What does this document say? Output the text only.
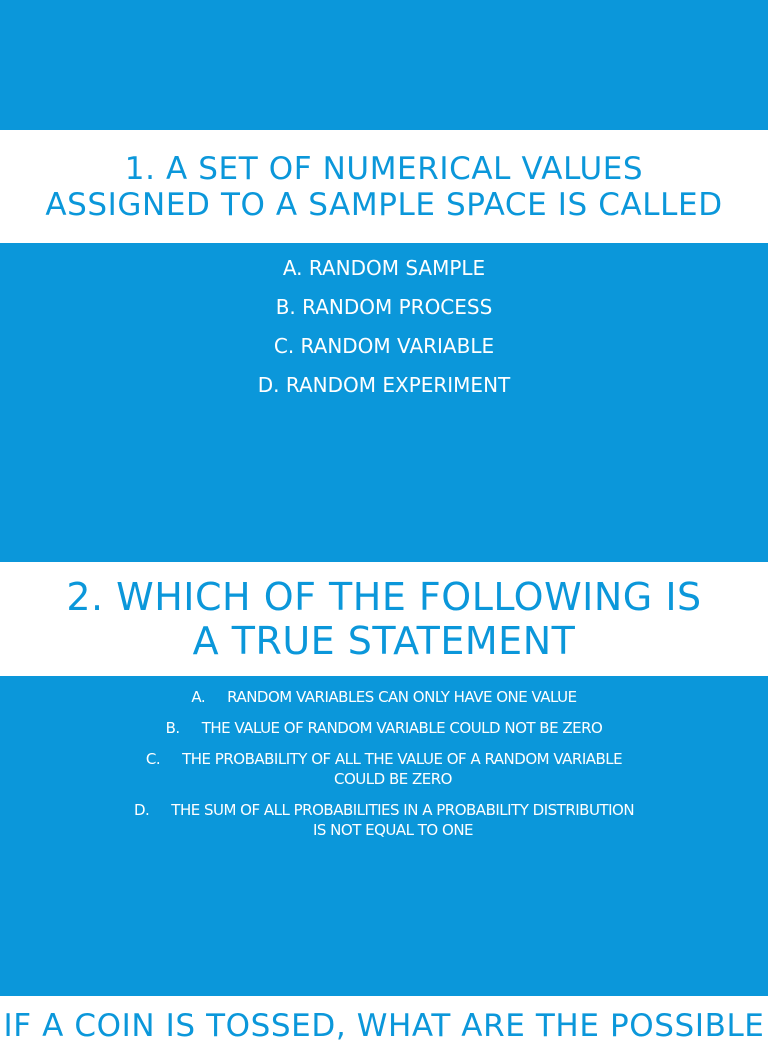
1. A SET OF NUMERICAL VALUES
ASSIGNED TO A SAMPLE SPACE IS CALLED
A. RANDOM SAMPLE
B. RANDOM PROCESS
C. RANDOM VARIABLE
D. RANDOM EXPERIMENT
2. WHICH OF THE FOLLOWING IS
A TRUE STATEMENT
A. RANDOM VARIABLES CAN ONLY HAVE ONE VALUE
B. THE VALUE OF RANDOM VARIABLE COULD NOT BE ZERO
C. THE PROBABILITY OF ALL THE VALUE OF A RANDOM VARIABLE
COULD BE ZERO
D. THE SUM OF ALL PROBABILITIES IN A PROBABILITY DISTRIBUTION
IS NOT EQUAL TO ONE
IF A COIN IS TOSSED, WHAT ARE THE POSSIBLE
